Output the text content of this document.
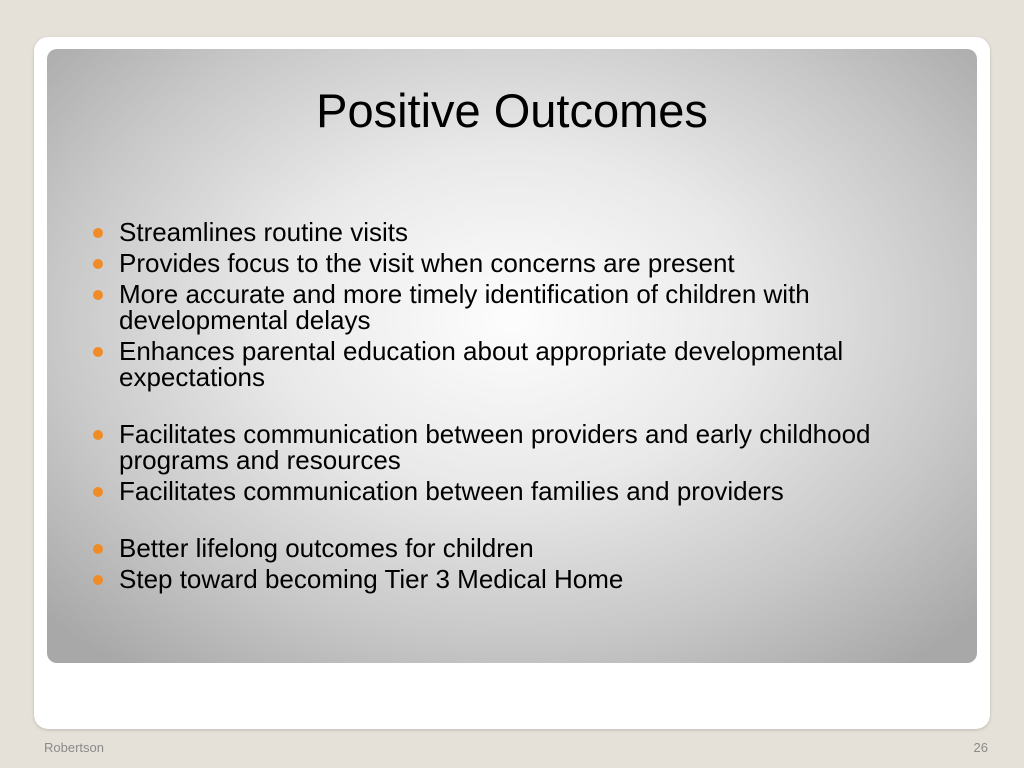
Positive Outcomes
Streamlines routine visits
Provides focus to the visit when concerns are present
More accurate and more timely identification of children with developmental delays
Enhances parental education about appropriate developmental expectations
Facilitates communication between providers and early childhood programs and resources
Facilitates communication between families and providers
Better lifelong outcomes for children
Step toward becoming Tier 3 Medical Home
Robertson	26
